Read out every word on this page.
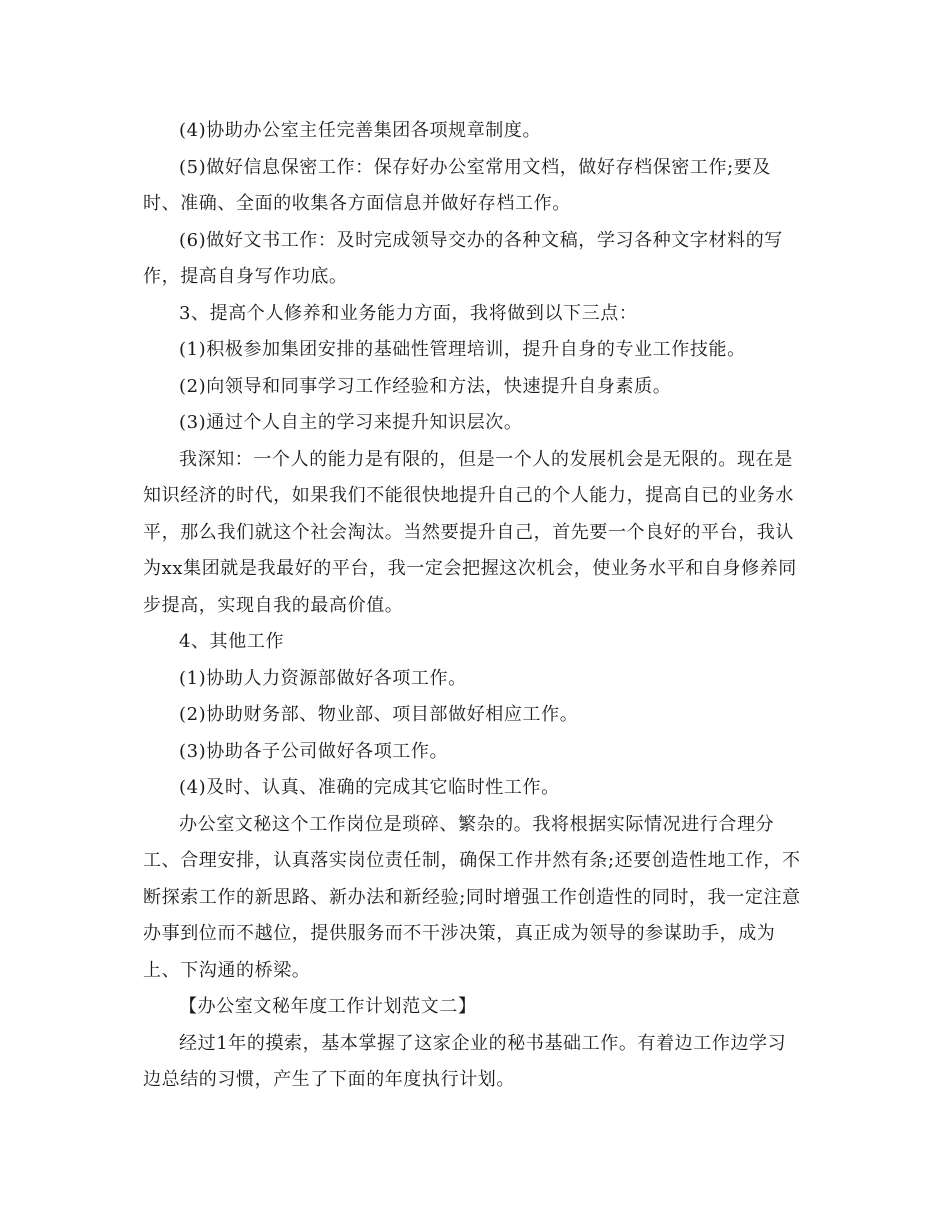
(4)协助办公室主任完善集团各项规章制度。
(5)做好信息保密工作：保存好办公室常用文档，做好存档保密工作;要及
时、准确、全面的收集各方面信息并做好存档工作。
(6)做好文书工作：及时完成领导交办的各种文稿，学习各种文字材料的写
作，提高自身写作功底。
3、提高个人修养和业务能力方面，我将做到以下三点：
(1)积极参加集团安排的基础性管理培训，提升自身的专业工作技能。
(2)向领导和同事学习工作经验和方法，快速提升自身素质。
(3)通过个人自主的学习来提升知识层次。
我深知：一个人的能力是有限的，但是一个人的发展机会是无限的。现在是
知识经济的时代，如果我们不能很快地提升自己的个人能力，提高自已的业务水
平，那么我们就这个社会淘汰。当然要提升自己，首先要一个良好的平台，我认
为xx集团就是我最好的平台，我一定会把握这次机会，使业务水平和自身修养同
步提高，实现自我的最高价值。
4、其他工作
(1)协助人力资源部做好各项工作。
(2)协助财务部、物业部、项目部做好相应工作。
(3)协助各子公司做好各项工作。
(4)及时、认真、准确的完成其它临时性工作。
办公室文秘这个工作岗位是琐碎、繁杂的。我将根据实际情况进行合理分
工、合理安排，认真落实岗位责任制，确保工作井然有条;还要创造性地工作，不
断探索工作的新思路、新办法和新经验;同时增强工作创造性的同时，我一定注意
办事到位而不越位，提供服务而不干涉决策，真正成为领导的参谋助手，成为
上、下沟通的桥梁。
【办公室文秘年度工作计划范文二】
经过1年的摸索，基本掌握了这家企业的秘书基础工作。有着边工作边学习
边总结的习惯，产生了下面的年度执行计划。
